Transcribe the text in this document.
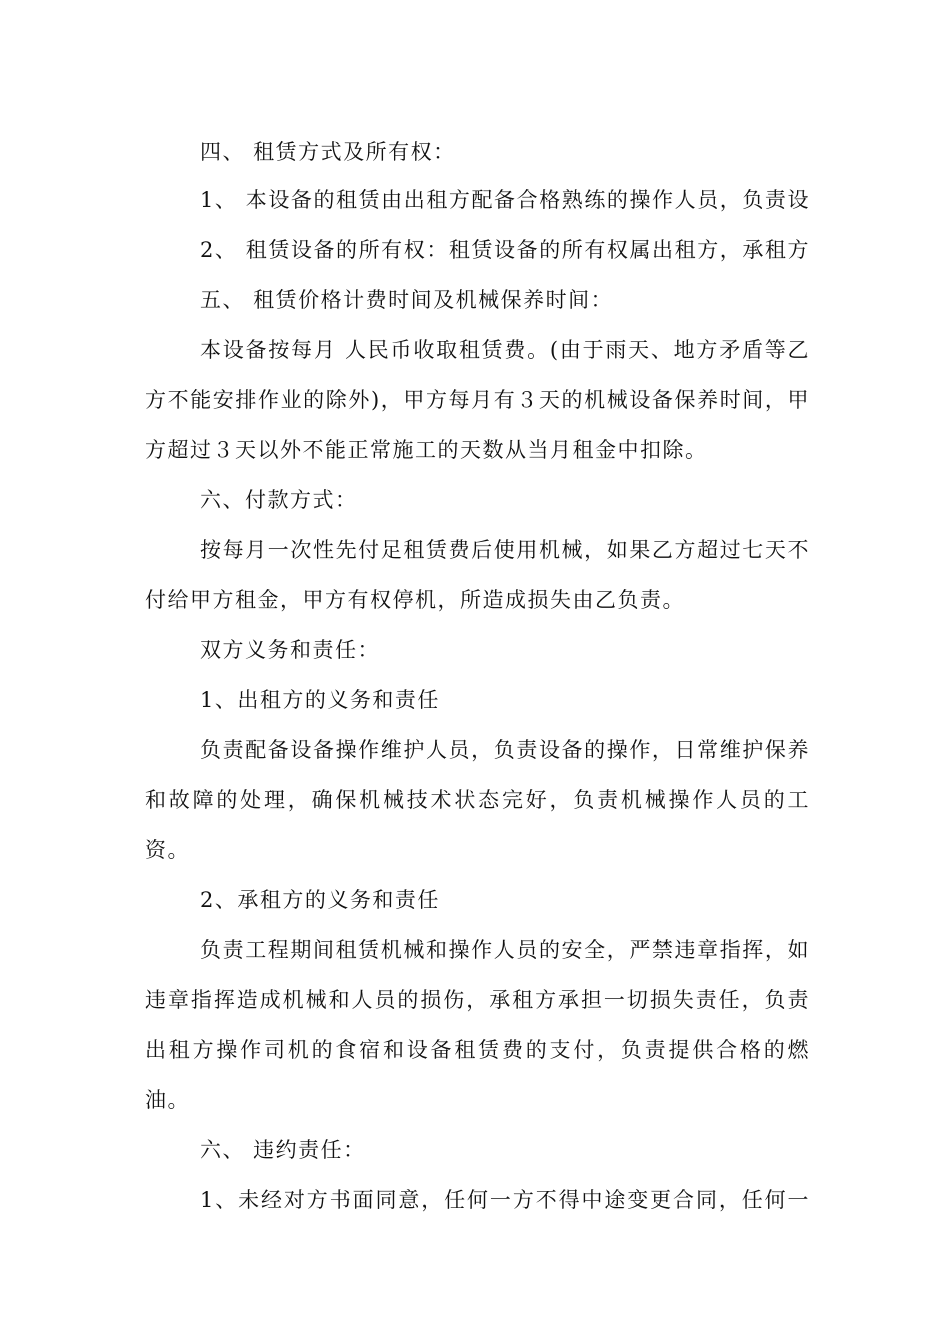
四、 租赁方式及所有权：
1、 本设备的租赁由出租方配备合格熟练的操作人员，负责设
2、 租赁设备的所有权：租赁设备的所有权属出租方，承租方
五、 租赁价格计费时间及机械保养时间：
本设备按每月 人民币收取租赁费。(由于雨天、地方矛盾等乙
方不能安排作业的除外)，甲方每月有３天的机械设备保养时间，甲
方超过３天以外不能正常施工的天数从当月租金中扣除。
六、付款方式：
按每月一次性先付足租赁费后使用机械，如果乙方超过七天不
付给甲方租金，甲方有权停机，所造成损失由乙负责。
双方义务和责任：
1、出租方的义务和责任
负责配备设备操作维护人员，负责设备的操作，日常维护保养
和故障的处理，确保机械技术状态完好，负责机械操作人员的工
资。
2、承租方的义务和责任
负责工程期间租赁机械和操作人员的安全，严禁违章指挥，如
违章指挥造成机械和人员的损伤，承租方承担一切损失责任，负责
出租方操作司机的食宿和设备租赁费的支付，负责提供合格的燃
油。
六、 违约责任：
1、未经对方书面同意，任何一方不得中途变更合同，任何一
